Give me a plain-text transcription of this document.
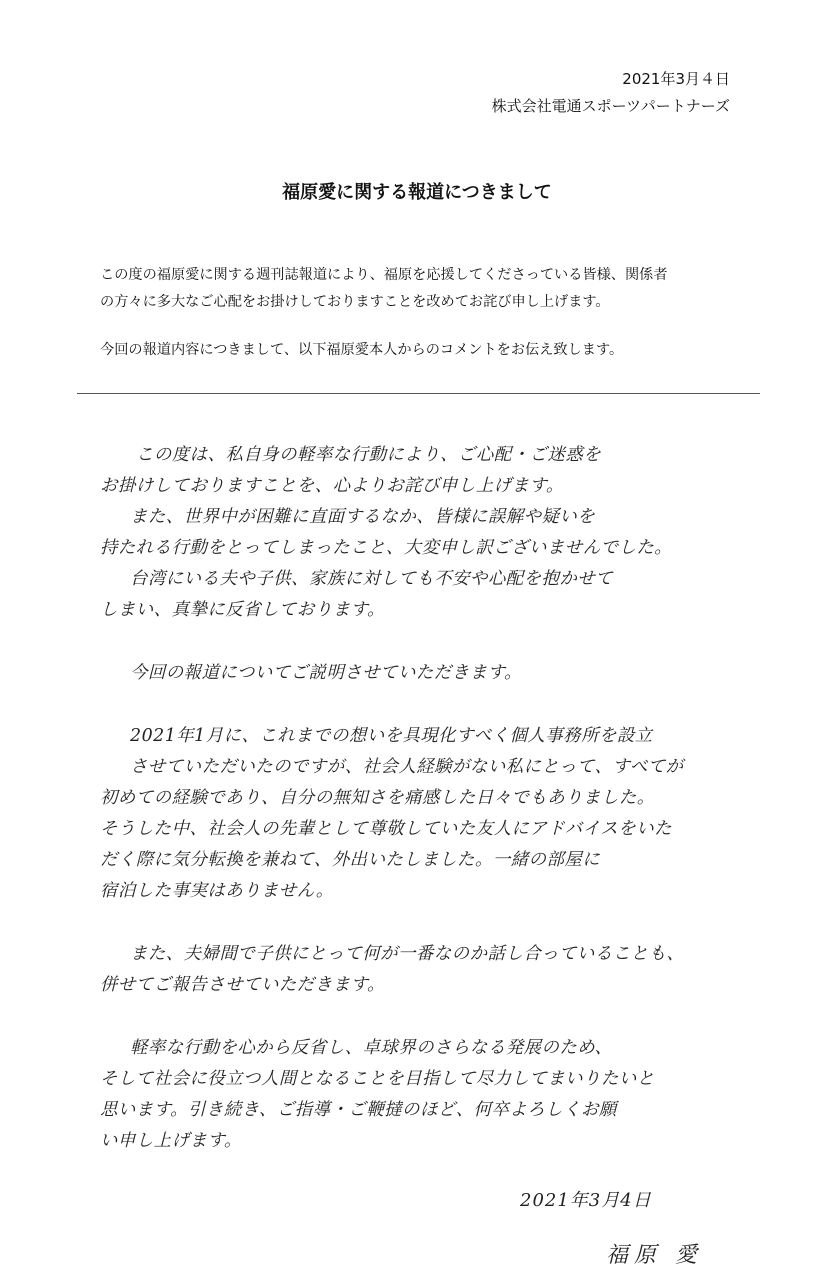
2021年3月４日
株式会社電通スポーツパートナーズ
福原愛に関する報道につきまして

この度の福原愛に関する週刊誌報道により、福原を応援してくださっている皆様、関係者
の方々に多大なご心配をお掛けしておりますことを改めてお詫び申し上げます。

今回の報道内容につきまして、以下福原愛本人からのコメントをお伝え致します。

この度は、私自身の軽率な行動により、ご心配・ご迷惑を
お掛けしておりますことを、心よりお詫び申し上げます。
また、世界中が困難に直面するなか、皆様に誤解や疑いを
持たれる行動をとってしまったこと、大変申し訳ございませんでした。
台湾にいる夫や子供、家族に対しても不安や心配を抱かせて
しまい、真摯に反省しております。
今回の報道についてご説明させていただきます。
2021年1月に、これまでの想いを具現化すべく個人事務所を設立
させていただいたのですが、社会人経験がない私にとって、すべてが
初めての経験であり、自分の無知さを痛感した日々でもありました。
そうした中、社会人の先輩として尊敬していた友人にアドバイスをいた
だく際に気分転換を兼ねて、外出いたしました。一緒の部屋に
宿泊した事実はありません。
また、夫婦間で子供にとって何が一番なのか話し合っていることも、
併せてご報告させていただきます。
軽率な行動を心から反省し、卓球界のさらなる発展のため、
そして社会に役立つ人間となることを目指して尽力してまいりたいと
思います。引き続き、ご指導・ご鞭撻のほど、何卒よろしくお願
い申し上げます。
2021年3月4日
福原 愛
